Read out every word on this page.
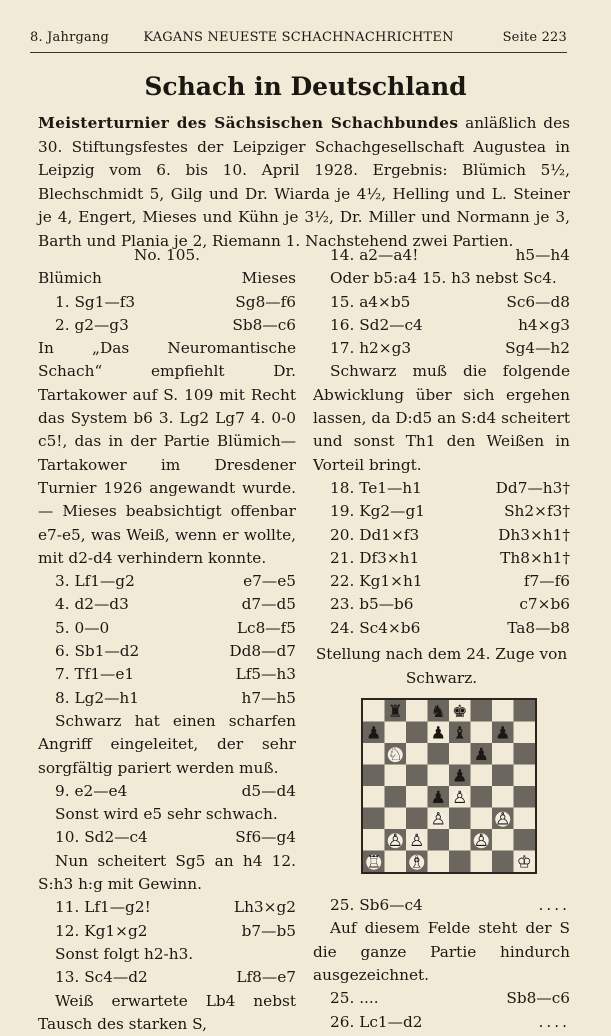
8. Jahrgang	KAGANS NEUESTE SCHACHNACHRICHTEN	Seite 223
Schach in Deutschland
Meisterturnier des Sächsischen Schachbundes anläßlich des 30. Stiftungsfestes der Leipziger Schachgesellschaft Augustea in Leipzig vom 6. bis 10. April 1928. Ergebnis: Blümich 5½, Blechschmidt 5, Gilg und Dr. Wiarda je 4½, Helling und L. Steiner je 4, Engert, Mieses und Kühn je 3½, Dr. Miller und Normann je 3, Barth und Plania je 2, Riemann 1. Nachstehend zwei Partien.
No. 105.
Blümich	Mieses
1. Sg1—f3	Sg8—f6
2. g2—g3	Sb8—c6
In „Das Neuromantische Schach“ empfiehlt Dr. Tartakower auf S. 109 mit Recht das System b6 3. Lg2 Lg7 4. 0-0 c5!, das in der Partie Blümich—Tartakower im Dresdener Turnier 1926 angewandt wurde. — Mieses beabsichtigt offenbar e7-e5, was Weiß, wenn er wollte, mit d2-d4 verhindern konnte.
3. Lf1—g2	e7—e5
4. d2—d3	d7—d5
5. 0—0	Lc8—f5
6. Sb1—d2	Dd8—d7
7. Tf1—e1	Lf5—h3
8. Lg2—h1	h7—h5
Schwarz hat einen scharfen Angriff eingeleitet, der sehr sorgfältig pariert werden muß.
9. e2—e4	d5—d4
Sonst wird e5 sehr schwach.
10. Sd2—c4	Sf6—g4
Nun scheitert Sg5 an h4 12. S:h3 h:g mit Gewinn.
11. Lf1—g2!	Lh3×g2
12. Kg1×g2	b7—b5
Sonst folgt h2-h3.
13. Sc4—d2	Lf8—e7
Weiß erwartete Lb4 nebst Tausch des starken S,
14. a2—a4!	h5—h4
Oder b5:a4 15. h3 nebst Sc4.
15. a4×b5	Sc6—d8
16. Sd2—c4	h4×g3
17. h2×g3	Sg4—h2
Schwarz muß die folgende Abwicklung über sich ergehen lassen, da D:d5 an S:d4 scheitert und sonst Th1 den Weißen in Vorteil bringt.
18. Te1—h1	Dd7—h3†
19. Kg2—g1	Sh2×f3†
20. Dd1×f3	Dh3×h1†
21. Df3×h1	Th8×h1†
22. Kg1×h1	f7—f6
23. b5—b6	c7×b6
24. Sc4×b6	Ta8—b8
Stellung nach dem 24. Zuge von Schwarz.
♜ ♞ ♚
♟	♟ ♝ ♟
♘	♟
♟
♟ ♙
♙	♙
♙ ♙	♙
♖ ♗	♔
25. Sb6—c4	....
Auf diesem Felde steht der S die ganze Partie hindurch ausgezeichnet.
25. ....	Sb8—c6
26. Lc1—d2	....
